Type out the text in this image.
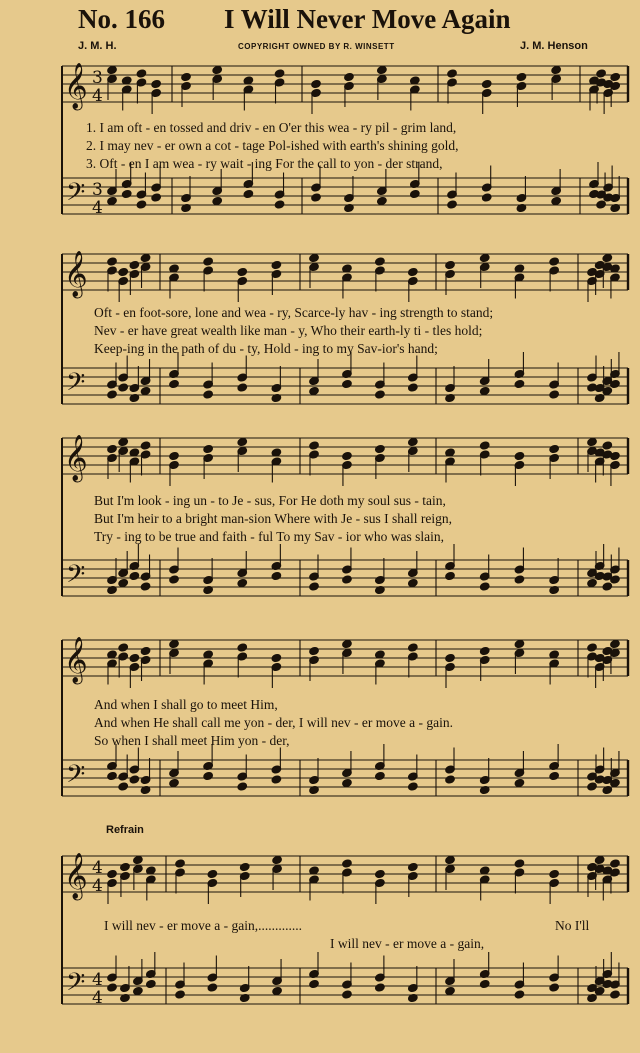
No. 166 I Will Never Move Again
J. M. H.	COPYRIGHT OWNED BY R. WINSETT	J. M. Henson
𝄞
𝄢
3
4
3
4
𝄞
𝄢
𝄞
𝄢
𝄞
𝄢
𝄞
𝄢
4
4
4
4
1. I am oft - en tossed and driv - en O'er this wea - ry pil - grim land,
2. I may nev - er own a cot - tage Pol-ished with earth's shining gold,
3. Oft - en I am wea - ry wait - ing For the call to yon - der strand,
Oft - en foot-sore, lone and wea - ry, Scarce-ly hav - ing strength to stand;
Nev - er have great wealth like man - y, Who their earth-ly ti - tles hold;
Keep-ing in the path of du - ty, Hold - ing to my Sav-ior's hand;
But I'm look - ing un - to Je - sus, For He doth my soul sus - tain,
But I'm heir to a bright man-sion Where with Je - sus I shall reign,
Try - ing to be true and faith - ful To my Sav - ior who was slain,
And when I shall go to meet Him,
And when He shall call me yon - der, I will nev - er move a - gain.
So when I shall meet Him yon - der,
Refrain
I will nev - er move a - gain,.............	No I'll
I will nev - er move a - gain,
